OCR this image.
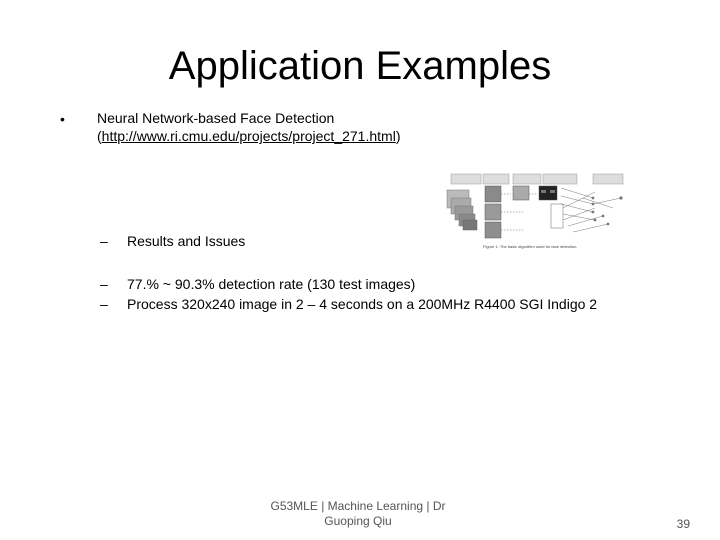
Application Examples
• Neural Network-based Face Detection
(http://www.ri.cmu.edu/projects/project_271.html)
Figure 1: The basic algorithm used for face detection.
– Results and Issues
– 77.% ~ 90.3% detection rate (130 test images)
– Process 320x240 image in 2 – 4 seconds on a 200MHz R4400 SGI Indigo 2
G53MLE | Machine Learning | Dr
Guoping Qiu	39
